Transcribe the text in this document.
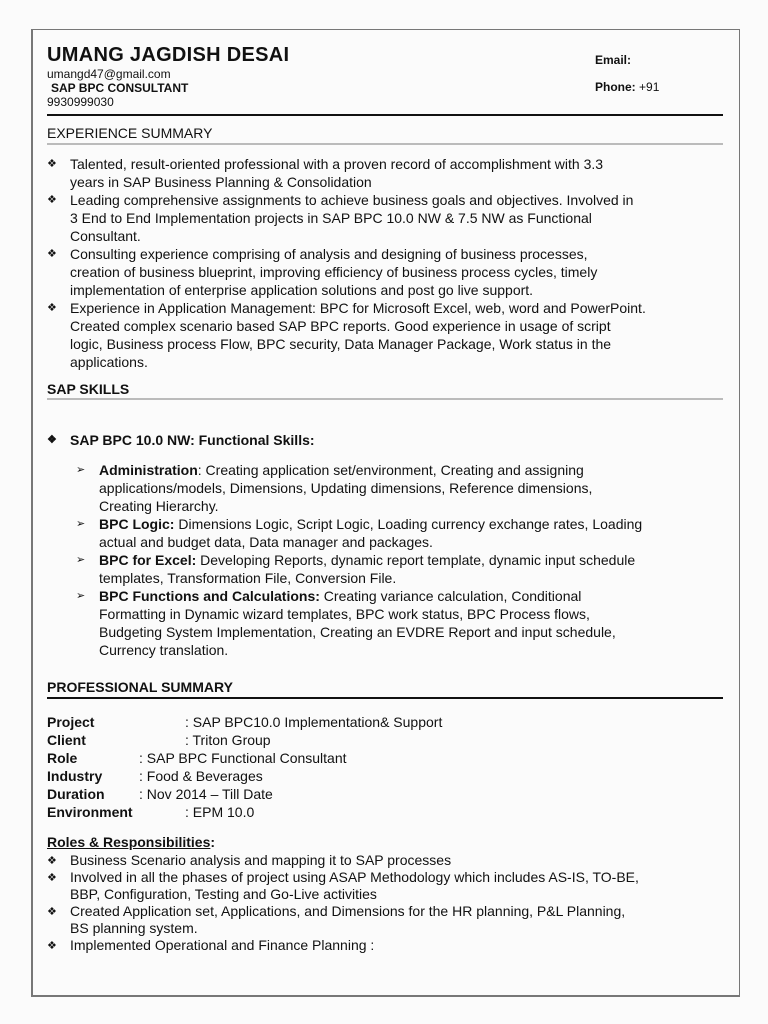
UMANG JAGDISH DESAI
umangd47@gmail.com
SAP BPC CONSULTANT
9930999030
Email:
Phone: +91
EXPERIENCE SUMMARY
❖ Talented, result-oriented professional with a proven record of accomplishment with 3.3
years in SAP Business Planning & Consolidation
❖ Leading comprehensive assignments to achieve business goals and objectives. Involved in
3 End to End Implementation projects in SAP BPC 10.0 NW & 7.5 NW as Functional
Consultant.
❖ Consulting experience comprising of analysis and designing of business processes,
creation of business blueprint, improving efficiency of business process cycles, timely
implementation of enterprise application solutions and post go live support.
❖ Experience in Application Management: BPC for Microsoft Excel, web, word and PowerPoint.
Created complex scenario based SAP BPC reports. Good experience in usage of script
logic, Business process Flow, BPC security, Data Manager Package, Work status in the
applications.
SAP SKILLS
❖ SAP BPC 10.0 NW: Functional Skills:
➢ Administration: Creating application set/environment, Creating and assigning
applications/models, Dimensions, Updating dimensions, Reference dimensions,
Creating Hierarchy.
➢ BPC Logic: Dimensions Logic, Script Logic, Loading currency exchange rates, Loading
actual and budget data, Data manager and packages.
➢ BPC for Excel: Developing Reports, dynamic report template, dynamic input schedule
templates, Transformation File, Conversion File.
➢ BPC Functions and Calculations: Creating variance calculation, Conditional
Formatting in Dynamic wizard templates, BPC work status, BPC Process flows,
Budgeting System Implementation, Creating an EVDRE Report and input schedule,
Currency translation.
PROFESSIONAL SUMMARY
Project	: SAP BPC10.0 Implementation& Support
Client	: Triton Group
Role	: SAP BPC Functional Consultant
Industry	: Food & Beverages
Duration : Nov 2014 – Till Date
Environment	: EPM 10.0
Roles & Responsibilities:
❖ Business Scenario analysis and mapping it to SAP processes
❖ Involved in all the phases of project using ASAP Methodology which includes AS-IS, TO-BE,
BBP, Configuration, Testing and Go-Live activities
❖ Created Application set, Applications, and Dimensions for the HR planning, P&L Planning,
BS planning system.
❖ Implemented Operational and Finance Planning :
